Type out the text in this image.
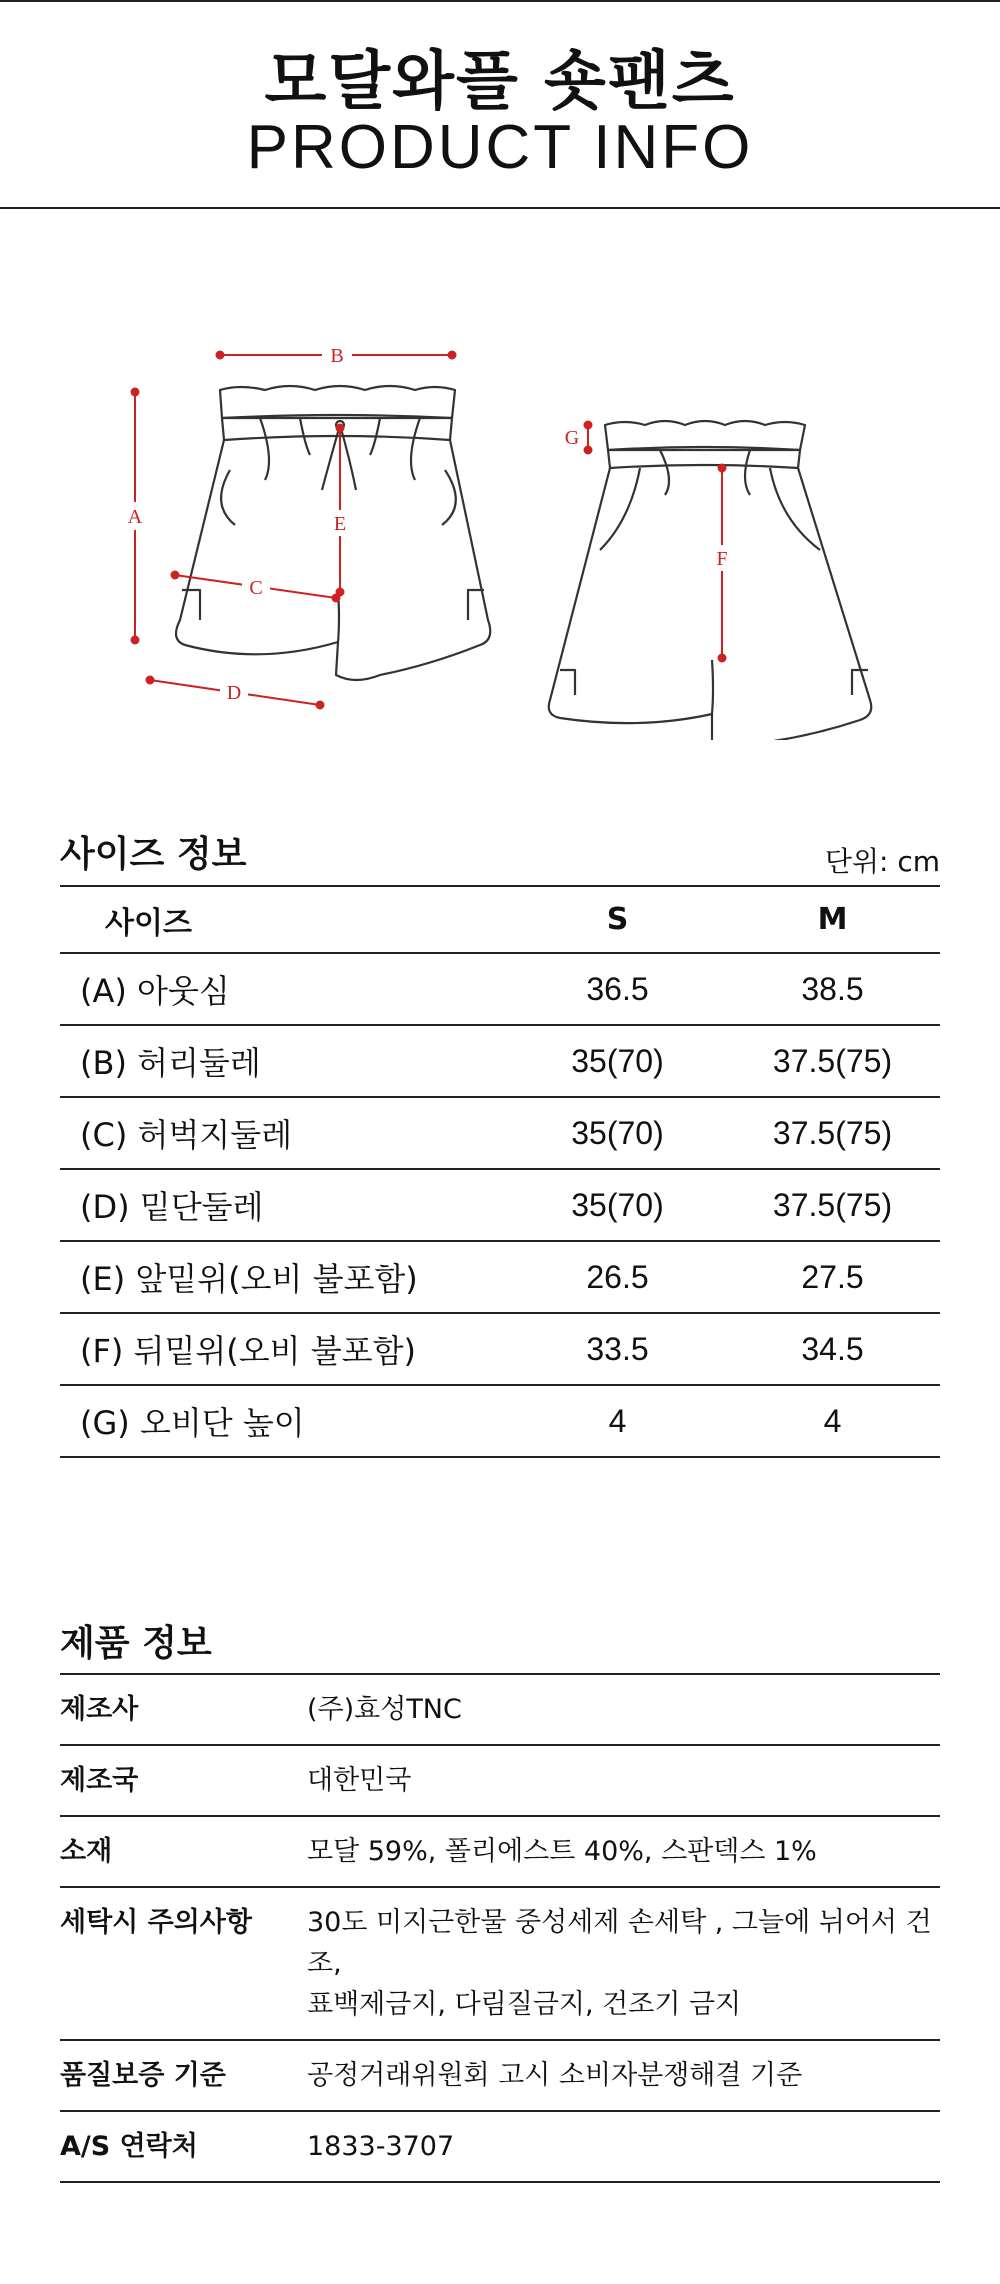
모달와플 숏팬츠
PRODUCT INFO
B
A
C
D
E
F
G
사이즈 정보	단위: cm
사이즈	S	M
(A) 아웃심	36.5	38.5
(B) 허리둘레	35(70)	37.5(75)
(C) 허벅지둘레	35(70)	37.5(75)
(D) 밑단둘레	35(70)	37.5(75)
(E) 앞밑위(오비 불포함)	26.5	27.5
(F) 뒤밑위(오비 불포함)	33.5	34.5
(G) 오비단 높이	4	4
제품 정보
제조사	(주)효성TNC
제조국	대한민국
소재	모달 59%, 폴리에스트 40%, 스판덱스 1%
세탁시 주의사항	30도 미지근한물 중성세제 손세탁 , 그늘에 뉘어서 건조,
표백제금지, 다림질금지, 건조기 금지

품질보증 기준	공정거래위원회 고시 소비자분쟁해결 기준
A/S 연락처	1833-3707
